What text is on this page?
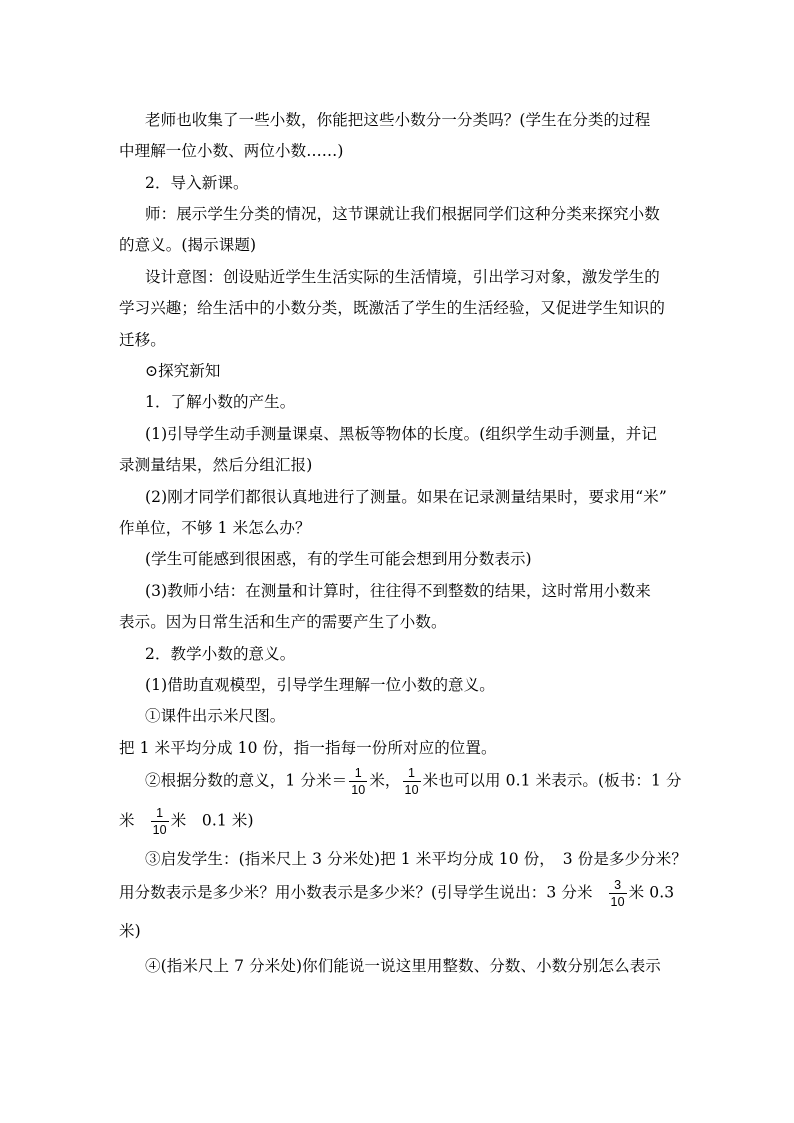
老师也收集了一些小数，你能把这些小数分一分类吗？(学生在分类的过程
中理解一位小数、两位小数……)
2．导入新课。
师：展示学生分类的情况，这节课就让我们根据同学们这种分类来探究小数
的意义。(揭示课题)
设计意图：创设贴近学生生活实际的生活情境，引出学习对象，激发学生的
学习兴趣；给生活中的小数分类，既激活了学生的生活经验，又促进学生知识的
迁移。
⊙探究新知
1．了解小数的产生。
(1)引导学生动手测量课桌、黑板等物体的长度。(组织学生动手测量，并记
录测量结果，然后分组汇报)
(2)刚才同学们都很认真地进行了测量。如果在记录测量结果时，要求用“米”
作单位，不够 1 米怎么办？
(学生可能感到很困惑，有的学生可能会想到用分数表示)
(3)教师小结：在测量和计算时，往往得不到整数的结果，这时常用小数来
表示。因为日常生活和生产的需要产生了小数。
2．教学小数的意义。
(1)借助直观模型，引导学生理解一位小数的意义。
①课件出示米尺图。
把 1 米平均分成 10 份，指一指每一份所对应的位置。
②根据分数的意义，1 分米＝ $\frac{1}{10}$ 米， $\frac{1}{10}$ 米也可以用 0.1 米表示。(板书：1 分
米 $\frac{1}{10}$ 米　0.1 米)
③启发学生：(指米尺上 3 分米处)把 1 米平均分成 10 份，　3 份是多少分米？
用分数表示是多少米？用小数表示是多少米？(引导学生说出：3 分米 $\frac{3}{10}$ 米 0.3
米)
④(指米尺上 7 分米处)你们能说一说这里用整数、分数、小数分别怎么表示
